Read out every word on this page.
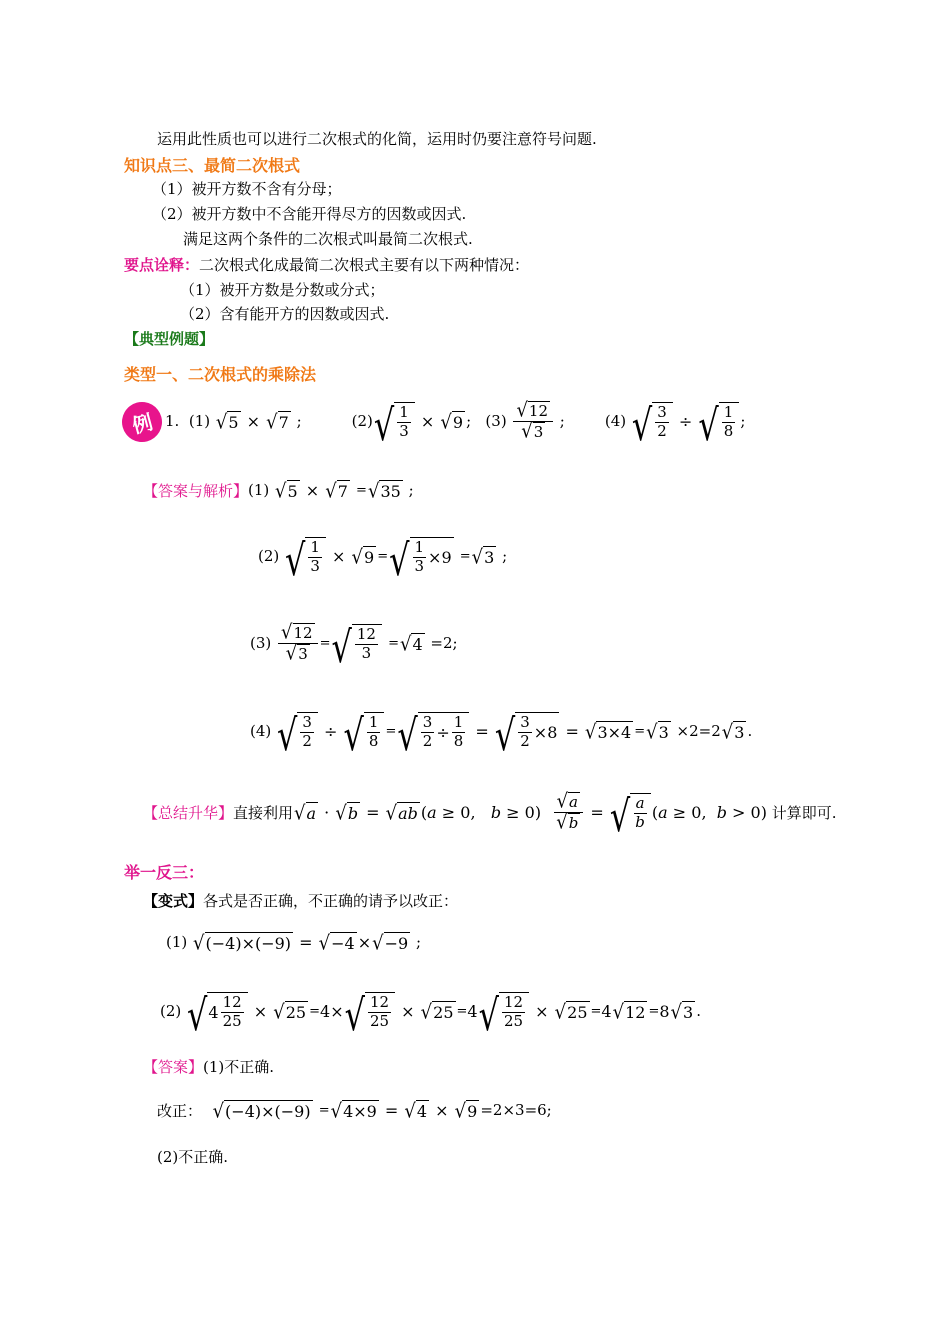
运用此性质也可以进行二次根式的化简，运用时仍要注意符号问题.
知识点三、最简二次根式
（1）被开方数不含有分母；
（2）被开方数中不含能开得尽方的因数或因式.
满足这两个条件的二次根式叫最简二次根式.
要点诠释：二次根式化成最简二次根式主要有以下两种情况：
（1）被开方数是分数或分式；
（2）含有能开方的因数或因式.
【典型例题】
类型一、二次根式的乘除法
例 1.  (1) √ 5 × √ 7 ;	(2) √ 1
3 × √ 9 ;   (3) √ 12
√ 3
;	(4) √ 3
2 ÷ √ 1
8
;
【答案与解析】 (1) √ 5 × √ 7
= √ 35 ;
(2) √ 1
3 × √ 9 = √ 1
3 ×9
= √ 3 ;
$(3) \frac{√ 12}{√ 3}$ = √ 12
3

= √ 4 =2;
(4) √ 3
2 ÷ √ 1
8
= √ 3
2 ÷
1
8 = √ 3
2 ×8 = √ 3×4 = √ 3 ×2=2 √ 3 .
【总结升华】 直接利用 √ a · √ b = √ ab ( a ≥ 0, b ≥ 0) √ a
√ b
= √ a
b ( a ≥ 0, b > 0)
计算即可.
举一反三：
【变式】各式是否正确，不正确的请予以改正：
(1) √ (−4)×(−9) = √ −4 × √ −9 ;
(2) √ 4
12
25 × √ 25 = 4× √ 12
25 × √ 25 = 4 √ 12
25 × √ 25 = 4 √ 12 = 8 √ 3 .
【答案】(1)不正确.
改正：
√ (−4)×(−9)
= √ 4×9 = √ 4 × √ 9 =2×3=6;
(2)不正确.
